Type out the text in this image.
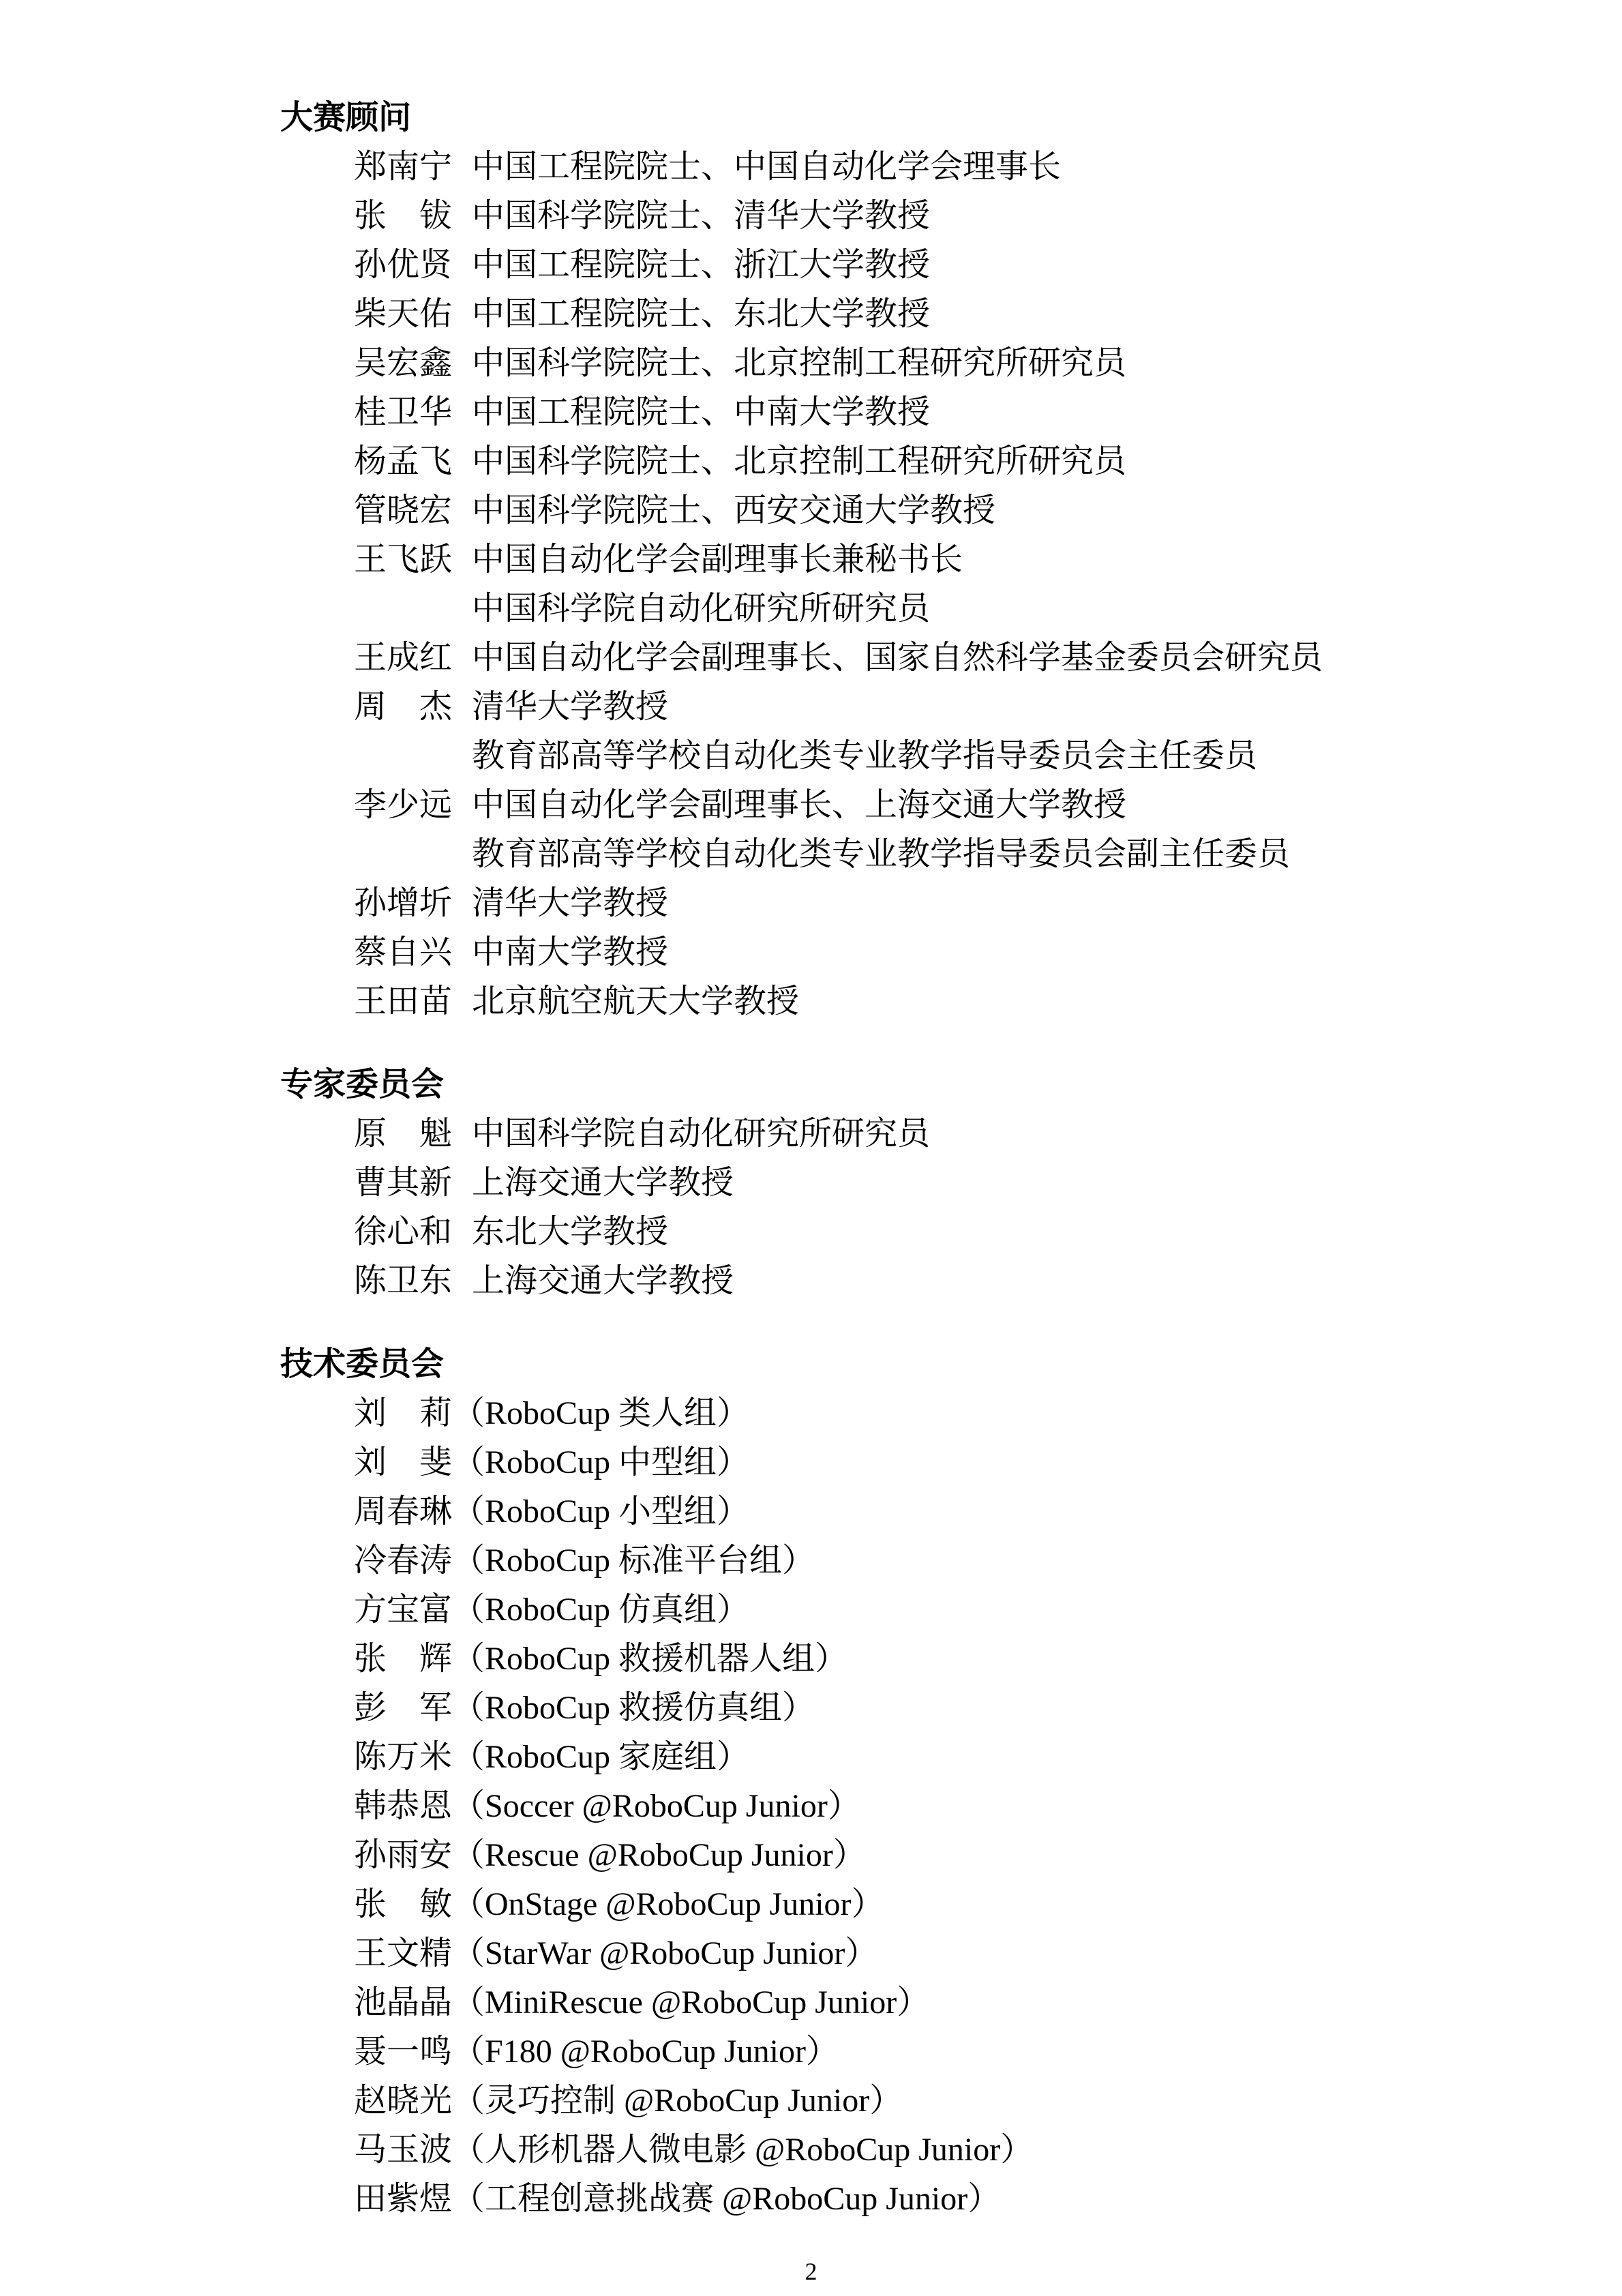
大赛顾问
郑南宁 中国工程院院士、中国自动化学会理事长
张 钹 中国科学院院士、清华大学教授
孙优贤 中国工程院院士、浙江大学教授
柴天佑 中国工程院院士、东北大学教授
吴宏鑫 中国科学院院士、北京控制工程研究所研究员
桂卫华 中国工程院院士、中南大学教授
杨孟飞 中国科学院院士、北京控制工程研究所研究员
管晓宏 中国科学院院士、西安交通大学教授
王飞跃 中国自动化学会副理事长兼秘书长
中国科学院自动化研究所研究员
王成红 中国自动化学会副理事长、国家自然科学基金委员会研究员
周 杰 清华大学教授
教育部高等学校自动化类专业教学指导委员会主任委员
李少远 中国自动化学会副理事长、上海交通大学教授
教育部高等学校自动化类专业教学指导委员会副主任委员
孙增圻 清华大学教授
蔡自兴 中南大学教授
王田苗 北京航空航天大学教授
专家委员会
原 魁 中国科学院自动化研究所研究员
曹其新 上海交通大学教授
徐心和 东北大学教授
陈卫东 上海交通大学教授
技术委员会
刘 莉（RoboCup 类人组）
刘 斐（RoboCup 中型组）
周春琳（RoboCup 小型组）
冷春涛（RoboCup 标准平台组）
方宝富（RoboCup 仿真组）
张 辉（RoboCup 救援机器人组）
彭 军（RoboCup 救援仿真组）
陈万米（RoboCup 家庭组）
韩恭恩（Soccer @RoboCup Junior）
孙雨安（Rescue @RoboCup Junior）
张 敏（OnStage @RoboCup Junior）
王文精（StarWar @RoboCup Junior）
池晶晶（MiniRescue @RoboCup Junior）
聂一鸣（F180 @RoboCup Junior）
赵晓光（灵巧控制 @RoboCup Junior）
马玉波（人形机器人微电影 @RoboCup Junior）
田紫煜（工程创意挑战赛 @RoboCup Junior）
2
